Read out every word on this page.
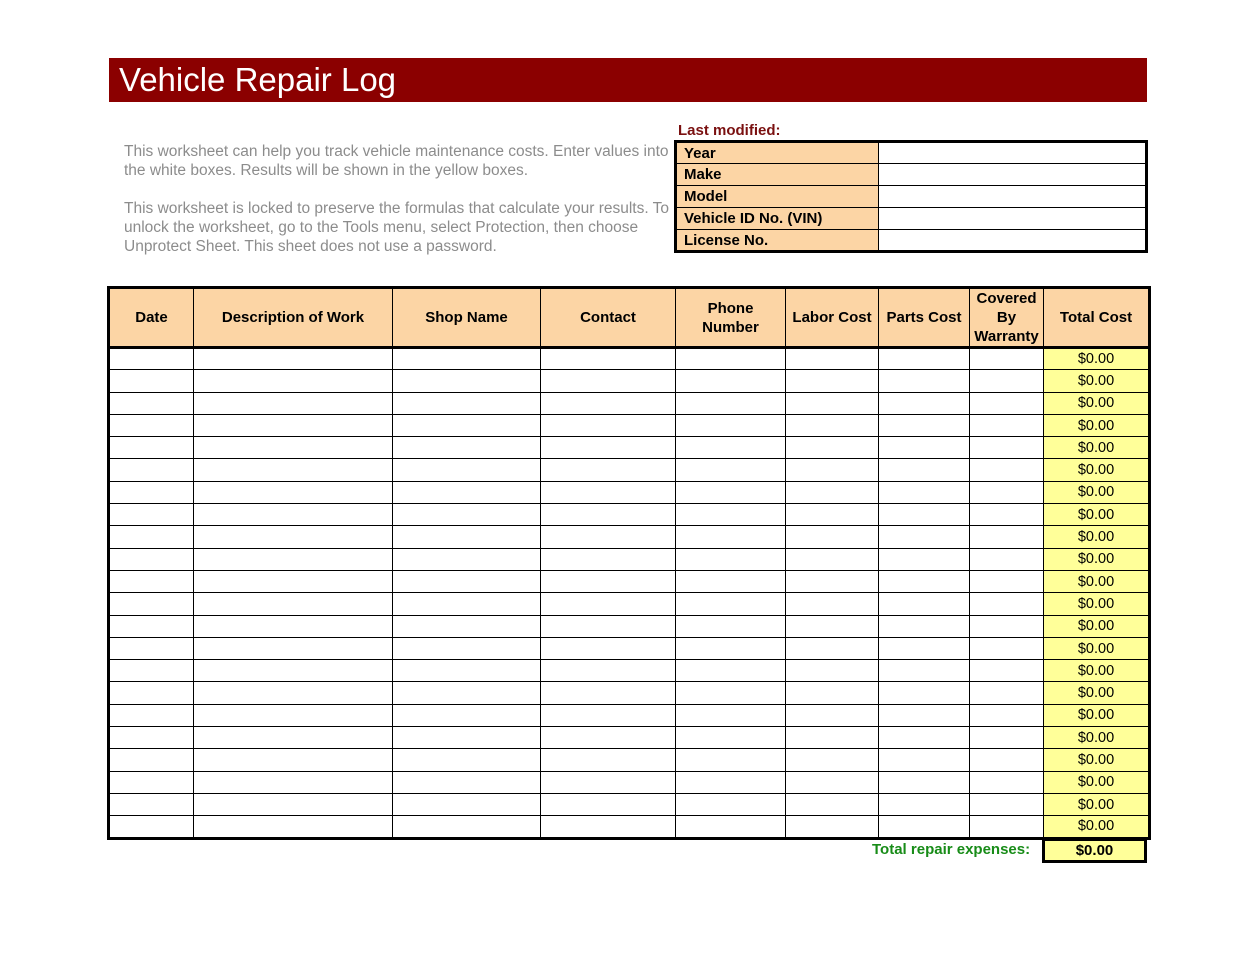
Vehicle Repair Log

This worksheet can help you track vehicle maintenance costs. Enter values into the white boxes. Results will be shown in the yellow boxes.

This worksheet is locked to preserve the formulas that calculate your results. To unlock the worksheet, go to the Tools menu, select Protection, then choose Unprotect Sheet. This sheet does not use a password.

Last modified:
Year	
Make	
Model	
Vehicle ID No. (VIN)	
License No.	
Date	Description of Work	Shop Name	Contact	Phone Number	Labor Cost	Parts Cost	Covered By Warranty	Total Cost
								$0.00
								$0.00
								$0.00
								$0.00
								$0.00
								$0.00
								$0.00
								$0.00
								$0.00
								$0.00
								$0.00
								$0.00
								$0.00
								$0.00
								$0.00
								$0.00
								$0.00
								$0.00
								$0.00
								$0.00
								$0.00
								$0.00
Total repair expenses:	$0.00
